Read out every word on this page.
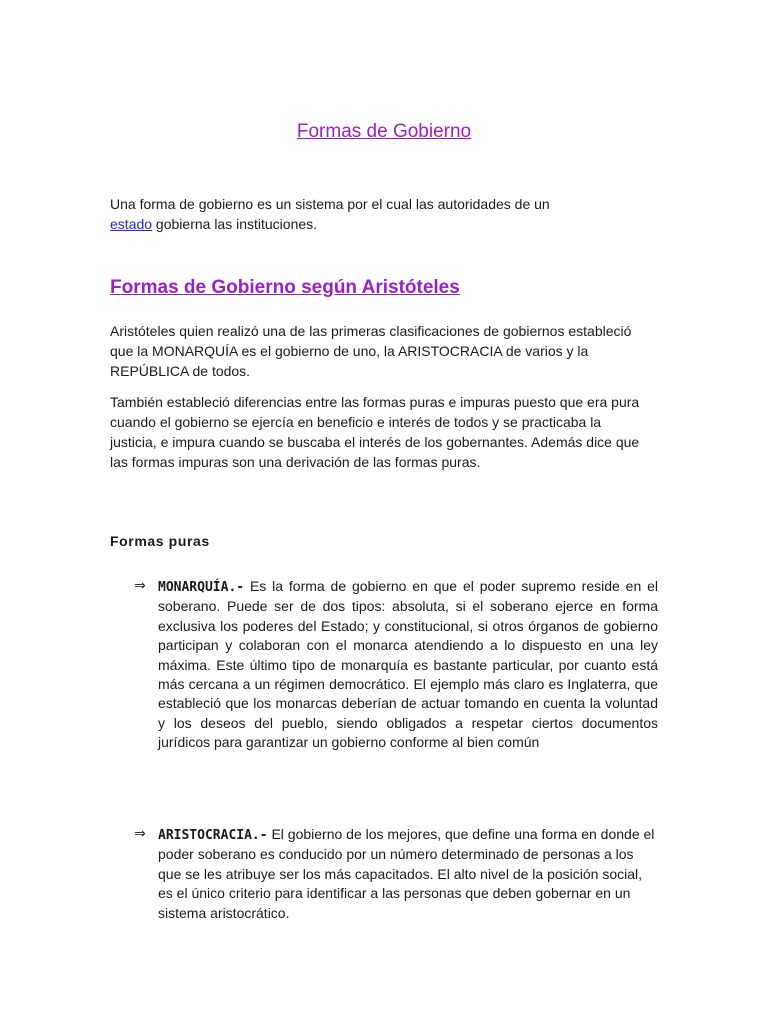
Formas de Gobierno
Una forma de gobierno es un sistema por el cual las autoridades de un estado gobierna las instituciones.
Formas de Gobierno según Aristóteles
Aristóteles quien realizó una de las primeras clasificaciones de gobiernos estableció que la MONARQUÍA es el gobierno de uno, la ARISTOCRACIA de varios y la REPÚBLICA de todos.
También estableció diferencias entre las formas puras e impuras puesto que era pura cuando el gobierno se ejercía en beneficio e interés de todos y se practicaba la justicia, e impura cuando se buscaba el interés de los gobernantes. Además dice que las formas impuras son una derivación de las formas puras.
Formas puras
⇒ MONARQUÍA.- Es la forma de gobierno en que el poder supremo reside en el soberano. Puede ser de dos tipos: absoluta, si el soberano ejerce en forma exclusiva los poderes del Estado; y constitucional, si otros órganos de gobierno participan y colaboran con el monarca atendiendo a lo dispuesto en una ley máxima. Este último tipo de monarquía es bastante particular, por cuanto está más cercana a un régimen democrático. El ejemplo más claro es Inglaterra, que estableció que los monarcas deberían de actuar tomando en cuenta la voluntad y los deseos del pueblo, siendo obligados a respetar ciertos documentos jurídicos para garantizar un gobierno conforme al bien común
⇒ ARISTOCRACIA.- El gobierno de los mejores, que define una forma en donde el poder soberano es conducido por un número determinado de personas a los que se les atribuye ser los más capacitados. El alto nivel de la posición social, es el único criterio para identificar a las personas que deben gobernar en un sistema aristocrático.
